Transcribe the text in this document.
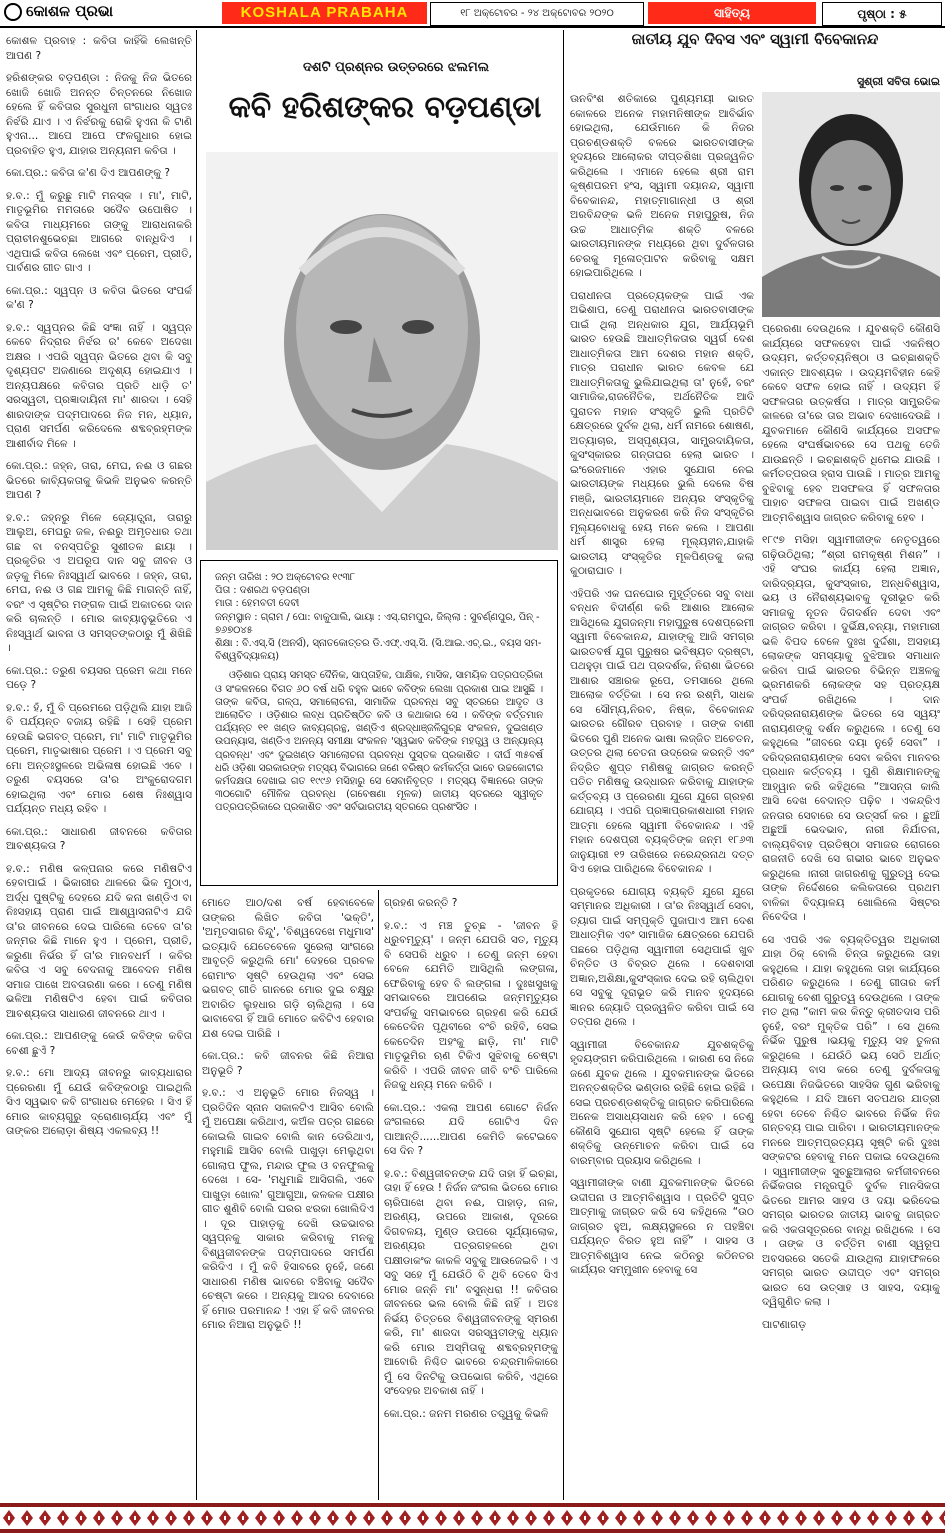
କୋଶଳ ପ୍ରଭା	KOSHALA PRABAHA	୧୮ ଅକ୍ଟୋବର - ୨୪ ଅକ୍ଟୋବର ୨୦୨୦	ସାହିତ୍ୟ	ପୃଷ୍ଠା : ୫

କୋଶଳ ପ୍ରବାହ : କବିତା କାହିଁକି ଲେଖନ୍ତି ଆପଣ ?

ହରିଶଙ୍କର ବଡ଼ପଣ୍ଡା : ନିଜକୁ ନିଜ ଭିତରେ ଖୋଜି ଖୋଜି ଅନନ୍ତ ଚିନ୍ତନରେ ନିଖୋଜ ହେଲେ ହିଁ କବିତାର ସୁରଧୁନୀ ଗଂଗାଧର ସ୍ୱତଃ ନିର୍ଝରି ଯାଏ । ଏ ନିର୍ଝରକୁ ରୋକି ହୁଏନା କି ଟାଣି ହୁଏନା... ଆପେ ଆପେ ଫଳଗୁଧାର ହୋଇ ପ୍ରବାହିତ ହୁଏ, ଯାହାର ଅନ୍ୟନାମ କବିତା ।

କୋ.ପ୍ର.: କବିତା କ'ଣ ଦିଏ ଆପଣଙ୍କୁ ?

ହ.ବ.: ମୁଁ କରୁଛୁ ମାଟି ମନସ୍କ । ମା', ମାଟି, ମାତୃଭୂମିର ମମତାରେ ସଦୈବ ଉପୋଷିତ । କବିତା ମାଧ୍ୟମରେ ତାଙ୍କୁ ଆରାଧନାକରି ପ୍ରାଚୀନଶୁଭେଚ୍ଛା ଆଗରେ ବାନ୍ଧିଦିଏ । ଏଥିପାଇଁ କବିତା ଲେଖେ ଏବଂ ପ୍ରେମ, ପ୍ରୀତି, ପାର୍ବଣର ଗୀତ ଗାଏ ।

କୋ.ପ୍ର.: ସ୍ୱପ୍ନ ଓ କବିତା ଭିତରେ ସଂପର୍କ କ'ଣ ?

ହ.ବ.: ସ୍ୱପ୍ନର କିଛି ସଂଜ୍ଞା ନାହିଁ । ସ୍ୱପ୍ନ କେବେ ନିଦ୍ରାର ନିର୍ଝର ର' କେବେ ଅଦେଖା ଅକ୍ଷର । ଏପରି ସ୍ୱପ୍ନ ଭିତରେ ଥିବା କି ସବୁ ଦୃଶ୍ୟପଟ ଅଜଣାରେ ଅଦୃଶ୍ୟ ହୋଇଯାଏ । ଅନ୍ୟପକ୍ଷରେ କବିତାର ପ୍ରତି ଧାଡ଼ି ତ' ସରସ୍ୱତୀ, ପ୍ରଜ୍ଞାଦାୟିନୀ ମା' ଶାରଦା । ସେହି ଶାରଦାଙ୍କ ପଦ୍ମପାଦରେ ନିଜ ମନ, ଧ୍ୟାନ, ପ୍ରାଣ ସମର୍ପଣ କରିଦେଲେ ଶବ୍ଦବ୍ରହ୍ମଙ୍କ ଆଶୀର୍ବାଦ ମିଳେ ।

କୋ.ପ୍ର.: ଜହ୍ନ, ତାରା, ମେଘ, ନଈ ଓ ଗଛର ଭିତରେ କାବ୍ୟିକତାକୁ କିଭଳି ଅନୁଭବ କରନ୍ତି ଆପଣ ?

ହ.ବ.: ଜହ୍ନରୁ ମିଳେ ଜ୍ୟୋତ୍ସ୍ନା, ତାରାରୁ ଆଲୁଅ, ମେଘରୁ ଜଳ, ନଈରୁ ଅମୃତଧାର ତଥା ଗଛ ବା ବନସ୍ପତିରୁ ସୁଶୀତଳ ଛାୟା । ପ୍ରକୃତିର ଏ ଅପରୂପ ଦାନ ସବୁ ଜୀବନ ଓ ଜଡ଼କୁ ମିଳେ ନିଃସ୍ୱାର୍ଥ ଭାବରେ । ଜହ୍ନ, ତାରା, ମେଘ, ନଈ ଓ ଗଛ ଆମକୁ କିଛି ମାଗନ୍ତି ନାହିଁ, ବରଂ ଏ ସୃଷ୍ଟିର ମଙ୍ଗଳ ପାଇଁ ଅକାତରେ ଦାନ କରି ଚାଲନ୍ତି । ମୋର କାବ୍ୟାନୁଭୂତିରେ ଏ ନିଃସ୍ୱାର୍ଥ ଭାବନା ଓ ସମସ୍ତଙ୍କଠାରୁ ମୁଁ ଶିଖିଛି ।

କୋ.ପ୍ର.: ତରୁଣ ବୟସର ପ୍ରେମ କଥା ମନେ ପଡ଼େ ?

ହ.ବ.: ହଁ, ମୁଁ ବି ପ୍ରେମରେ ପଡ଼ିଥିଲି ଯାହା ଆଜି ବି ପର୍ଯ୍ୟନ୍ତ ବଜାୟ ରହିଛି । ସେହି ପ୍ରେମ ହେଉଛି ଭଗବତ୍ ପ୍ରେମ, ମା' ମାଟି ମାତୃଭୂମିର ପ୍ରେମ, ମାତୃଭାଷାର ପ୍ରେମ । ଏ ପ୍ରେମ ସବୁ ମୋ ଅନ୍ତଃସ୍ଥଳରେ ଅଭିଳାଷ ହୋଇଛି ଏବେ । ତରୁଣ ବୟସରେ ତା'ର ଅଂକୁରୋଦଗମ ହୋଇଥିଲା ଏବଂ ମୋର ଶେଷ ନିଃଶ୍ୱାସ ପର୍ଯ୍ୟନ୍ତ ମଧ୍ୟ ରହିବ ।

କୋ.ପ୍ର.: ସାଧାରଣ ଜୀବନରେ କବିତାର ଆବଶ୍ୟକତା ?

ହ.ବ.: ମଣିଷ କଳ୍ପନାର କରେ ମଣିଷଟିଏ ହେବାପାଇଁ । ଭିକାରୀର ଥାଳରେ ଭିକ ମୁଠାଏ, ଅର୍ଦ୍ଧ ପୁଷ୍ଟିକୁ ଦେହରେ ଯଦି କନା ଖଣ୍ଡିଏ ବା ନିଃସହାୟ ପ୍ରାଣ ପାଇଁ ଆଶ୍ୱାସନାଟିଏ ଯଦି ତା'ର ଜୀବନରେ ଦେଇ ପାରିଲେ ତେବେ ତା'ର ଜନ୍ମର କିଛି ମାନେ ହୁଏ । ପ୍ରେମ, ପ୍ରୀତି, କରୁଣା ନିର୍ଭର ହିଁ ତା'ର ମାନବଧର୍ମ । କବିର କବିତା ଏ ସବୁ ବେଦନାକୁ ଆବେଦନ ମଣିଷ ସମାଜ ପାଖେ ଅବତାରଣା କରେ । ତେଣୁ ମଣିଷ ଭଳିଆ ମଣିଷଟିଏ ହେବା ପାଇଁ କବିତାର ଆବଶ୍ୟକତା ସାଧାରଣ ଜୀବନରେ ଥାଏ ।

କୋ.ପ୍ର.: ଆପଣଙ୍କୁ କେଉଁ କବିଙ୍କ କବିତା ବେଶୀ ଛୁଏଁ ?

ହ.ବ.: ମୋ ଆଦ୍ୟ ଜୀବନରୁ କାବ୍ୟଧାରାର ପ୍ରେରଣା ମୁଁ ଯେଉଁ କବିଙ୍କଠାରୁ ପାଇଥିଲି ସିଏ ସ୍ୱଭାବ କବି ଗଂଗାଧର ମେହେର । ସିଏ ହିଁ ମୋର କାବ୍ୟଗୁରୁ ଦ୍ରୋଣାଚାର୍ଯ୍ୟ ଏବଂ ମୁଁ ତାଙ୍କର ଅଲୋଡ଼ା ଶିଷ୍ୟ ଏକଲବ୍ୟ !!

ଦଶଟି ପ୍ରଶ୍ନର ଉତ୍ତରରେ ଝଲମଲ
କବି ହରିଶଙ୍କର ବଡ଼ପଣ୍ଡା

ଜନ୍ମ ତାରିଖ : ୨୦ ଅକ୍ଟୋବର ୧୯୩୮

ପିତା : ଦଶରଥ ବଡ଼ପଣ୍ଡା

ମାତା : ହେମବତୀ ଦେବୀ

ଜନ୍ମସ୍ଥାନ : ଗ୍ରାମ / ପୋ: ବାକୁପାଲି, ଭାୟା : ଏସ୍.ରାମପୁର, ଜିଲ୍ଲା : ସୁବର୍ଣ୍ଣପୁର, ପିନ୍ - ୭୬୭୦୪୫

ଶିକ୍ଷା : ବି.ଏସ୍.ସି (ଅନର୍ସ), ସ୍ନାତକୋତ୍ତର ଡି.ଏଫ୍.ଏସ୍.ସି. (ସି.ଆଇ.ଏଚ୍.ଇ., ବୟସ ସମ-ବିଶ୍ୱବିଦ୍ୟାଳୟ)

ଓଡ଼ିଶାର ପ୍ରାୟ ସମସ୍ତ ଦୈନିକ, ସାପ୍ତାହିକ, ପାକ୍ଷିକ, ମାସିକ, ସାମୟିକ ପତ୍ରପତ୍ରିକା ଓ ସଂକଳନରେ ବିଗତ ୬୦ ବର୍ଷ ଧରି ବହୁଳ ଭାବେ କବିଙ୍କ ଲେଖା ପ୍ରକାଶ ପାଇ ଆସୁଛି । ତାଙ୍କ କବିତା, ଗଳ୍ପ, ସମାଲୋଚନା, ସାମାଜିକ ପ୍ରବନ୍ଧ ସବୁ ସ୍ତରରେ ଆଦୃତ ଓ ଆଲୋଚିତ । ଓଡ଼ିଶାର ଲବ୍ଧ ପ୍ରତିଷ୍ଠିତ କବି ଓ କଥାକାର ସେ । କବିଙ୍କ ବର୍ତ୍ତମାନ ପର୍ଯ୍ୟନ୍ତ ୧୧ ଖଣ୍ଡ କାବ୍ୟଗ୍ରନ୍ଥ, ଖଣ୍ଡିଏ ଶ୍ରଦ୍ଧାଞ୍ଜଳିଗୁଚ୍ଛ ସଂକଳନ, ଦୁଇଖଣ୍ଡ ଉପନ୍ୟାସ, ଖଣ୍ଡିଏ ଅନନ୍ୟ ସମୀକ୍ଷା ସଂକଳନ 'ସ୍ୱଭାବ କବିଙ୍କ ମହତ୍ତ୍ୱ ଓ ଅନ୍ୟାନ୍ୟ ପ୍ରବନ୍ଧ' ଏବଂ ଦୁଇଖଣ୍ଡ ସମାଲୋଚନା ପ୍ରବନ୍ଧ ପୁସ୍ତକ ପ୍ରକାଶିତ । ଦୀର୍ଘ ୩୫ବର୍ଷ ଧରି ଓଡ଼ିଶା ସରକାରଙ୍କ ମତ୍ସ୍ୟ ବିଭାଗରେ ଜଣେ ବରିଷ୍ଠ କର୍ମକର୍ତ୍ତା ଭାବେ ଉଚ୍ଚକୋଟୀର କର୍ମଦକ୍ଷତା ଦେଖାଇ ଗତ ୧୯୯୬ ମସିହାରୁ ସେ ସେବାନିବୃତ୍ତ । ମତ୍ସ୍ୟ ବିଜ୍ଞାନରେ ତାଙ୍କ ୩୦ଗୋଟି ମୌଳିକ ପ୍ରବନ୍ଧ (ଗବେଷଣା ମୂଳକ) ଜାତୀୟ ସ୍ତରରେ ସ୍ୱୀକୃତ ପତ୍ରପତ୍ରିକାରେ ପ୍ରକାଶିତ ଏବଂ ସର୍ବଭାରତୀୟ ସ୍ତରରେ ପ୍ରଶଂସିତ ।

ମୋତେ ଆଠ/ଦଶ ବର୍ଷ ହେବାବେଳେ ତାଙ୍କର ଲିଖିତ କବିତା 'ଭକ୍ତି', 'ଅମୃତସାଗର ବିନ୍ଦୁ', 'ବିଶ୍ୱଦେଖେ ମଧୁମାସ' ଇତ୍ୟାଦି ଯେତେବେଳେ ସୁରେଲା ସାଂଗରେ ଆବୃତ୍ତି କରୁଥିଲି ମୋ' ଦେହରେ ପ୍ରବଳ ରୋମାଂଚ ସୃଷ୍ଟି ହେଉଥିଲା ଏବଂ ସେଇ ଭଗବତ୍ ଗୀତି ଗାନରେ ମୋର ଦୁଇ ଚକ୍ଷୁରୁ ଅବାରିତ ଲୁହଧାର ଗଡ଼ି ଚାଲିଥିଲା । ସେ ଭାବାବେଗ ହିଁ ଆଜି ମୋତେ କବିଟିଏ ହେବାର ଯଶ ଦେଇ ପାରିଛି ।

କୋ.ପ୍ର.: କବି ଜୀବନର କିଛି ନିଆରା ଅନୁଭୂତି ?

ହ.ବ.: ଏ ଅନୁଭୂତି ମୋର ନିଜସ୍ୱ । ପ୍ରତିଦିନ ସ୍ନାନ ସକାଳଟିଏ ଆସିବ ବୋଲି ମୁଁ ଅପେକ୍ଷା କରିଥାଏ, କଅଁଳ ପତ୍ର ଗଛରେ କୋଇଲି ଗାଇବ ବୋଲି କାନ ଡେରିଥାଏ, ମହୁମାଛି ଆସିବ ବୋଲି ପାଖୁଡ଼ା ମେଲୁଥିବା ଗୋଲାପ ଫୁଲ, ମନ୍ଦାର ଫୁଲ ଓ ବନଫୁଲକୁ ଦେଖେ । ସେ- 'ମଧୁମାଛି ଆସିଗଲି, ଏବେ ପାଖୁଡ଼ା ଖୋଲ' ଗୁଆଗୁଆ, କଳକଳ ପକ୍ଷୀର ଗୀତ ଶୁଣିବି ବୋଲି ଘରର ଝରକା ଖୋଲିଦିଏ । ଦୂର ପାହାଡ଼କୁ ଦେଖି ଉଚ୍ଚଭାବର ସ୍ୱପ୍ନକୁ ସାକାର କରିବାକୁ ମନକୁ ବିଶ୍ୱଜୀବନଙ୍କ ପଦ୍ମପାଦରେ ସମର୍ପଣ କରିଦିଏ । ମୁଁ କବି ହିସାବରେ ନୁହେଁ, ଜଣେ ସାଧାରଣ ମଣିଷ ଭାବରେ ବଞ୍ଚିବାକୁ ସଦୈବ ଚେଷ୍ଟା କରେ । ଅନ୍ୟକୁ ଆଦର ଦେବାରେ ହିଁ ମୋର ପରମାନନ୍ଦ ! ଏହା ହିଁ କବି ଜୀବନର ମୋର ନିଆରା ଅନୁଭୂତି !!

ଗ୍ରହଣ କରନ୍ତି ?

ହ.ବ.: ଏ ମଞ୍ଚ ତୁଚ୍ଛ - 'ଜୀବନ ହି ଧ୍ରୁବମୃତ୍ୟୁ' । ଜନ୍ମ ଯେପରି ସତ, ମୃତ୍ୟୁ ବି ସେପରି ଧ୍ରୁବ । ତେଣୁ ଜନ୍ମ ହେବା ବେଳେ ଯେମିତି ଆସିଥିଲି ଲଙ୍ଗଳା, ଫେରିବାକୁ ହେବ ବି ଲଙ୍ଗଳା । ଦୁଃଖସୁଖକୁ ସମଭାବରେ ଆପଣେଇ ଜନ୍ମମୃତ୍ୟୁର ସଂପର୍କକୁ ସମଭାବରେ ଗ୍ରହଣ କରି ଯେଉଁ କେତେଦିନ ପୃଥିବୀରେ ବଂଚି ରହିବି, ସେଇ କେତେଦିନ ଅହଂକୁ ଛାଡ଼ି, ମା' ମାଟି ମାତୃଭୂମିର ଋଣ ଟିକିଏ ସୁଝିବାକୁ ଚେଷ୍ଟା କରିବି । ଏପରି ଜୀବନ ଜୀବି ବଂଚି ପାରିଲେ ନିଜକୁ ଧନ୍ୟ ମନେ କରିବି ।

କୋ.ପ୍ର.: ଏକଲା ଆପଣ ଗୋଟେ ନିର୍ଜନ ଜଂଗଲରେ ଯଦି ଗୋଟିଏ ଦିନ ପାଆନ୍ତି......ଆପଣ କେମିତି କଟେଇବେ ସେ ଦିନ ?

ହ.ବ.: ବିଶ୍ୱଜୀବନଙ୍କ ଯଦି ତାହା ହିଁ ଇଚ୍ଛା, ତାହା ହିଁ ହେଉ ! ନିର୍ଜନ ଜଂଗଲ ଭିତରେ ମୋର ଚାରିପାଖେ ଥିବା ନଈ, ପାହାଡ଼, ନାଳ, ଅରଣ୍ୟ, ଉପରେ ଆକାଶ, ଦୂରରେ ଦିଗବଳୟ, ମୁଣ୍ଡ ଉପରେ ସୂର୍ଯ୍ୟାଲୋକ, ଅରଣ୍ୟର ପତ୍ରଗହଳରେ ଥିବା ପକ୍ଷୀଡାକଂକ କାକଳି ସବୁକୁ ଆଉଜେଇବି । ଏ ସବୁ ସହେ ମୁଁ ଯେଉଁଠି ବି ଥିବି ତେବେ ସିଏ ମୋର ଜନ୍ନି ମା' ବସୁନ୍ଧରା !! କବିତାର ଜୀବନରେ ଭଲ ବୋଲି କିଛି ନାହିଁ । ଅତଃ ନିର୍ଭୟ ଚିତ୍ତରେ ବିଶ୍ୱଜୀବନଙ୍କୁ ସ୍ମରଣ କରି, ମା' ଶାରଦା ସରସ୍ୱତୀଙ୍କୁ ଧ୍ୟାନ କରି ମୋର ଅସ୍ମିତାକୁ ଶବ୍ଦବ୍ରହ୍ମଙ୍କୁ ଆବୋରି ନିଶ୍ଚିତ ଭାବରେ ଚନ୍ଦ୍ରମାଳିକାରେ ମୁଁ ସେ ଦିନଟିକୁ ଉପଭୋଗ କରିବି, ଏଥିରେ ସଂଦେହର ଅବକାଶ ନାହିଁ ।

କୋ.ପ୍ର.: ଜନମ ମରଣର ତତ୍ତ୍ୱକୁ କିଭଳି

ଜାତୀୟ ଯୁବ ଦିବସ ଏବଂ ସ୍ୱାମୀ ବିବେକାନନ୍ଦ
ସୁଶ୍ରୀ ସବିତା ଭୋଇ

ଊନବିଂଶ ଶତିକାରେ ପୁଣ୍ୟମୟୀ ଭାରତ କୋଳରେ ଅନେକ ମହାମନିଷୀଙ୍କ ଆବିର୍ଭାବ ହୋଇଥିଲା, ଯେଉଁମାନେ କି ନିଜର ପ୍ରଚଣ୍ଡଶକ୍ତି ବଳରେ ଭାରତବାସୀଙ୍କ ହୃଦୟରେ ଆଲୋକର ଦୀପ୍ତଶିଖା ପ୍ରଜ୍ୱଳିତ କରିଥିଲେ । ଏମାନେ ହେଲେ ଶ୍ରୀ ରାମ କୃଷ୍ଣପରମ ହଂସ, ସ୍ୱାମୀ ଦୟାନନ୍ଦ, ସ୍ୱାମୀ ବିବେକାନନ୍ଦ, ମହାତ୍ମାଗାନ୍ଧୀ ଓ ଶ୍ରୀ ଅରବିନ୍ଦଙ୍କ ଭଳି ଅନେକ ମହାପୁରୁଷ, ନିଜ ଉଚ୍ଚ ଆଧାତ୍ମିକ ଶକ୍ତି ବଳରେ ଭାରତୀୟମାନଙ୍କ ମଧ୍ୟରେ ଥିବା ଦୁର୍ବଳତାର ଚେରକୁ ମୂଳୋତ୍ପାଟନ କରିବାକୁ ସକ୍ଷମ ହୋଇପାରିଥିଲେ ।

ପରାଧୀନତା ପ୍ରତ୍ୟେକଙ୍କ ପାଇଁ ଏକ ଅଭିଶାପ, ତେଣୁ ପରାଧୀନତା ଭାରତବାସୀଙ୍କ ପାଇଁ ଥିଲା ଅନ୍ଧକାର ଯୁଗ, ଆର୍ଯ୍ୟଭୂମି ଭାରତ ହେଉଛି ଆଧାତ୍ମିକତାର ସ୍ୱର୍ଗ ଦେଶ ଆଧାତ୍ମିକତା ଆମ ଦେଶର ମହାନ ଶକ୍ତି, ମାତ୍ର ପରାଧୀନ ଭାରତ କେବଳ ଯେ ଆଧାତ୍ମିକତାକୁ ଭୁଲିଯାଇଥିଲା ତା' ନୁହେଁ, ବରଂ ସାମାଜିକ,ରାଜନୈତିକ, ଅର୍ଥନୈତିକ ଆଦି ପୁରାତନ ମହାନ ସଂସ୍କୃତି ଭୁଲି ପ୍ରତିଟି କ୍ଷେତ୍ରରେ ଦୁର୍ବଳ ଥିଲା, ଧର୍ମ ନାମରେ ଶୋଷଣ, ଅତ୍ୟାଚାର, ଅସ୍ପୃଶ୍ୟତା, ସାମ୍ପ୍ରଦାୟିକତା, କୁସଂସ୍କାରର ଗନ୍ତାଘର ହେଲା ଭାରତ । ଇଂରେଜମାନେ ଏହାର ସୁଯୋଗ ନେଇ ଭାରତୀୟଙ୍କ ମଧ୍ୟରେ ଭୁଲି ଦେଲେ ବିଷ ମଞ୍ଜି, ଭାରତୀୟମାନେ ଅନ୍ୟର ସଂସ୍କୃତିକୁ ଅନ୍ଧଭାବରେ ଅନୁକରଣ କରି ନିଜ ସଂସ୍କୃତିର ମୂଲ୍ୟବୋଧକୁ ହେୟ ମନେ କଲେ । ଆପଣା ଧର୍ମ ଶାସ୍ତ୍ର ହେଲା ମୂଲ୍ୟହୀନ,ଯାହାକି ଭାରତୀୟ ସଂସ୍କୃତିର ମୂଳପିଣ୍ଡକୁ କଲା କୁଠାରାଘାତ ।

ଏହିପରି ଏକ ଘନଘୋର ମୁହୂର୍ତ୍ତରେ ସବୁ ବାଧା ବନ୍ଧନ ବିଦୀର୍ଣ୍ଣ କରି ଆଶାର ଆଲୋକ ଆସିଥିଲେ ଯୁଗଜନ୍ମା ମହାପୁରୁଷ ଦେଶପ୍ରେମୀ ସ୍ୱାମୀ ବିବେକାନନ୍ଦ, ଯାହାଙ୍କୁ ଆଜି ସମଗ୍ର ଭାରତବର୍ଷ ଯୁଗ ପୁରୁଷର ଭବିଷ୍ୟତ ଦ୍ରଷ୍ଟା, ପଥହୁଡ଼ା ପାଇଁ ପଥ ପ୍ରଦର୍ଶକ, ନିରାଶା ଭିତରେ ଆଶାର ସଞ୍ଚାରକ ରୂପେ, ତମସାରେ ଥିଲେ ଆଲୋକ ବର୍ତ୍ତିକା । ସେ ନର ରଶ୍ମି, ସାଧକ ସେ ସୌମ୍ୟ,ନିରବ, ନିଷ୍କ, ବିବେକାନନ୍ଦ ଭାରତର ଗୌରବ ପ୍ରବାହ । ତାଙ୍କ ବାଣୀ ଭିତରେ ପୁଣି ଅନେକ ଭାଷା ଲଜ୍ଜିତ ଅଚେତନ, ଉତ୍ତର ଥିଲା ଚେତନା ଉଦ୍ରେକ କରନ୍ତି ଏବଂ ନିଦ୍ରିତ ଶୁପ୍ତ ମଣିଷକୁ ଜାଗ୍ରତ କରନ୍ତି ପତିତ ମଣିଷକୁ ଉଦ୍ଧାରନ କରିବାକୁ ଯାହାଙ୍କ କର୍ତ୍ତବ୍ୟ ଓ ପ୍ରେରଣା ଯୁଗେ ଯୁଗେ ଗ୍ରହଣ ଯୋଗ୍ୟ । ଏପରି ପ୍ରଜ୍ଞାପ୍ରକାଶଧାରୀ ମହାନ ଆତ୍ମା ହେଲେ ସ୍ୱାମୀ ବିବେକାନନ୍ଦ । ଏହି ମହାନ ଦେଶପ୍ରୀ ବ୍ୟକ୍ତିଙ୍କ ଜନ୍ମ ୧୮୬୩ ଜାନୁୟାରୀ ୧୨ ତାରିଖରେ ନରେନ୍ଦ୍ରନାଥ ଦତ୍ତ ସିଏ ହୋଇ ପାରିଥିଲେ ବିବେକାନନ୍ଦ ।

ପ୍ରକୃତରେ ଯୋଗ୍ୟ ବ୍ୟକ୍ତି ଯୁଗେ ଯୁଗେ ସମ୍ମାନର ଅଧିକାରୀ । ତା'ର ନିଃସ୍ୱାର୍ଥ ସେବା, ତ୍ୟାଗ ପାଇଁ ସମ୍ପୃକ୍ତି ପୁଜାପାଏ ଆମ ଦେଶ ଆଧାତ୍ମିକ ଏବଂ ସାମାଜିକ କ୍ଷେତ୍ରରେ ଯେପରି ପଛରେ ପଡ଼ିଥିଲା ସ୍ୱାମୀଜୀ ସେଥିପାଇଁ ଖୁବ ଚିନ୍ତିତ ଓ ବିବ୍ରତ ଥିଲେ । ଦେଶବାସୀ ଅଜ୍ଞାନ,ଅଶିକ୍ଷା,କୁସଂସ୍କାର ଦେଇ ରହି ଚାଲିଥିବା ସେ ସବୁକୁ ଦୂରାଭୂତ କରି ମାନବ ହୃଦୟରେ ଜ୍ଞାନର ଜ୍ୟୋତି ପ୍ରଜ୍ୱଳିତ କରିବା ପାଇଁ ସେ ତତ୍ପର ଥିଲେ ।

ସ୍ୱାମୀଜୀ ବିବେକାନନ୍ଦ ଯୁବଶକ୍ତିକୁ ହୃଦୟଙ୍ଗମ କରିପାରିଥିଲେ । କାରଣ ସେ ନିଜେ ଜଣେ ଯୁବକ ଥିଲେ । ଯୁବକମାନଙ୍କ ଭିତରେ ଅନନ୍ତଶକ୍ତିର ଭଣ୍ଡାର ରହିଛି ହୋଇ ରହିଛି । ସେଇ ପ୍ରଚଣ୍ଡଶକ୍ତିକୁ ଜାଗ୍ରତ କରିପାରିଲେ ଅନେକ ଅସାଧ୍ୟସାଧନ କରି ହେବ । ତେଣୁ କୌଣସି ସୁଯୋଗ ସୃଷ୍ଟି ହେଲେ ହିଁ ତାଙ୍କ ଶକ୍ତିକୁ ଉନ୍ମୋଚନ କରିବା ପାଇଁ ସେ ବାରମ୍ବାର ପ୍ରୟାସ କରିଥିଲେ ।

ସ୍ୱାମୀଜୀଙ୍କ ବାଣୀ ଯୁବକମାନଙ୍କ ଭିତରେ ଉଦ୍ଦୀପନା ଓ ଆତ୍ମବିଶ୍ୱାସ । ପ୍ରତିଟି ସୁପ୍ତ ଆତ୍ମାକୁ ଜାଗ୍ରତ କରି ସେ କହିଥିଲେ “ଉଠ ଜାଗ୍ରତ ହୁଅ, ଲକ୍ଷ୍ୟସ୍ଥଳରେ ନ ପହଞ୍ଚିବା ପର୍ଯ୍ୟନ୍ତ ବିରତ ହୁଅ ନାହିଁ” । ସାହସ ଓ ଆତ୍ମବିଶ୍ୱାସ ନେଇ କଠିନରୁ କଠିନତର କାର୍ଯ୍ୟର ସମ୍ମୁଖୀନ ହେବାକୁ ସେ

ପ୍ରେରଣା ଦେଉଥିଲେ । ଯୁବଶକ୍ତି କୌଣସି କାର୍ଯ୍ୟରେ ସଫଳହେବା ପାଇଁ ଏକନିଷ୍ଠ ଉଦ୍ୟମ, କର୍ତ୍ତବ୍ୟନିଷ୍ଠା ଓ ଇଚ୍ଛାଶକ୍ତି ଏକାନ୍ତ ଆବଶ୍ୟକ । ଉଦ୍ୟମବିହୀନ କେହି କେବେ ସଫଳ ହୋଇ ନାହିଁ । ଉଦ୍ୟମ ହିଁ ସଫଳତାର ଉତ୍କର୍ଷତା । ମାତ୍ର ସାମ୍ପ୍ରତିକ କାଳରେ ତା'ରେ ତାର ଅଭାବ ଦେଖାଦେଉଛି ।ଯୁବକମାନେ କୌଣସି କାର୍ଯ୍ୟରେ ଅସଫଳ ହେଲେ ସଂଘର୍ଷଭାବରେ ସେ ପଥକୁ ତେଜି ଯାଉଛନ୍ତି । ଇଚ୍ଛାଶକ୍ତି ଧିମେଇ ଯାଉଛି । କର୍ମତତ୍ପରତା ହ୍ରାସ ପାଉଛି । ମାତ୍ର ଆମକୁ ବୁଝିବାକୁ ହେବ ଅସଫଳତା ହିଁ ସଫଳତାର ପାହାଚ ସଫଳତା ପାଇବା ପାଇଁ ଅଖଣ୍ଡ ଆତ୍ମବିଶ୍ୱାସ ଜାଗ୍ରତ କରିବାକୁ ହେବ ।

୧୮୯୭ ମସିହା ସ୍ୱାମୀଜୀଙ୍କ ନେତୃତ୍ୱରେ ଗଢ଼ିଉଠିଥିଲା; “ଶ୍ରୀ ରାମକୃଷ୍ଣ ମିଶନ” । ଏହି ସଂଘର କାର୍ଯ୍ୟ ହେଲା ଅଜ୍ଞାନ, ଦାରିଦ୍ର୍ୟତା, କୁସଂସ୍କାର, ଅନ୍ଧବିଶ୍ୱାସ, ଭୟ ଓ ନୈରାଶ୍ୟଭାବକୁ ଦୂରୀଭୂତ କରି ସମାଜକୁ ନୂତନ ଦିଗଦର୍ଶନ ଦେବା ଏବଂ ଜାଗ୍ରତ କରିବା । ଦୁର୍ଭିକ୍ଷ,ବନ୍ୟା, ମହାମାରୀ ଭଳି ବିପଦ ବେଳେ ଦୁଃଖ ଦୁର୍ଦ୍ଦଶା, ଅସହାୟ ଲୋକଙ୍କ ସମସ୍ୟାକୁ ବୁଝିଆର ସମାଧାନ କରିବା ପାଇଁ ଭାରତର ବିଭିନ୍ନ ଅଞ୍ଚଳକୁ ଭ୍ରମଣକରି ଲୋକଙ୍କ ସହ ପ୍ରତ୍ୟକ୍ଷ ସଂପର୍କ ରଖିଥିଲେ । ଦାନ ଦରିଦ୍ରନାରାୟଣଙ୍କ ଭିତରେ ସେ ସ୍ୱୟଂ ନାରାୟଣଙ୍କୁ ଦର୍ଶନ କରୁଥିଲେ । ତେଣୁ ସେ କହୁଥିଲେ “ଜୀବରେ ଦୟା ନୁହେଁ ସେବା” । ଦରିଦ୍ରନାରାୟଣଙ୍କ ସେବା କରିବା ମାନବର ପ୍ରଧାନ କର୍ତ୍ତବ୍ୟ । ପୁଣି ଶିକ୍ଷାମାନଙ୍କୁ ଆହ୍ୱାନ କରି କହିଥିଲେ “ଆସନ୍ତା କାଲି ଆସି ଦେଖ ବେଦାନ୍ତ ପଢ଼ିବ । ଏକନ୍ଦ୍ରିଏ ଜନତାର ସେବାରେ ସେ ଉତ୍ସର୍ଗ କର । ଛୁଆଁ ଅଛୁଆଁ ଭେଦଭାବ, ନାରୀ ନିର୍ଯାତନା, ବାଲ୍ୟବିବାହ ପ୍ରତିଷ୍ଠା ସମାଜର ରୋଗରେ ରାଜନୀତି ଦେଖି ସେ ଗଭୀର ଭାବେ ଅନୁଭବ କରୁଥିଲେ ।ନାରୀ ଜାଗରଣକୁ ଗୁରୁତ୍ୱ ଦେଇ ତାଙ୍କ ନିର୍ଦ୍ଦେଶରେ କଲିକତାରେ ପ୍ରଥମ ବାଳିକା ବିଦ୍ୟାଳୟ ଖୋଲିଲେ ସିଷ୍ଟର ନିବେଦିତା ।

ସେ ଏପରି ଏକ ବ୍ୟକ୍ତିତ୍ୱର ଅଧିକାରୀ ଯାହା ଠିକ୍ ବୋଲି ଚିନ୍ତା କରୁଥିଲେ ତାହା କହୁଥିଲେ । ଯାହା କହୁଥିଲେ ତାହା କାର୍ଯ୍ୟରେ ପରିଣତ କରୁଥିଲେ । ତେଣୁ ଗୀତାର କର୍ମ ଯୋଗକୁ ବେଶୀ ଗୁରୁତ୍ୱ ଦେଉଥିଲେ । ତାଙ୍କ ମତ ଥିଲା “କାମ କର କିନ୍ତୁ କ୍ରୀତଦାସ ପରି ନୁହେଁ, ବରଂ ମୁକ୍ତିକ ପରି” । ସେ ଥିଲେ ନିର୍ଭିକ ପୁରୁଷ ।ଭୟକୁ ମୃତ୍ୟୁ ସହ ତୁଳନା କରୁଥିଲେ । ଯେଉଁଠି ଭୟ ସେଠି ଅର୍ଥାତ୍ ଅନ୍ୟାୟ ବାସ କରେ ତେଣୁ ଦୁର୍ବଳତାକୁ ଉପେକ୍ଷା ନିଜଭିତରେ ସାହସିକ ଗୁଣ ଭରିବାକୁ କହୁଥିଲେ । ଯଦି ଆମେ ସତପଥର ଯାତ୍ରୀ ହେବା ତେବେ ନିଶ୍ଚିତ ଭାବରେ ନିର୍ଭିକ ନିଜ ଗନ୍ତବ୍ୟ ପାଇ ପାରିବା । ଭାରତୀୟମାନଙ୍କ ମନରେ ଆତ୍ମପ୍ରତ୍ୟୟ ସୃଷ୍ଟି କରି ଦୁଃଖ ସଙ୍କଟର ହେବାକୁ ମନେ ପକାଇ ଦେଉଥିଲେ । ସ୍ୱାମୀଜୀଙ୍କ ସୁଚ୍ଛୁଆଲାର କର୍ମଜୀବନରେ ନିର୍ଭିକତାର ମନ୍ତ୍ରପୁତି ଦୁର୍ବଳ ମାନସିକତା ଭିତରେ ଆମର ସାହସ ଓ ଦୟା ଭରିଦେଇ ସମଗ୍ର ଭାରତର ଜାତୀୟ ଭାବକୁ ଜାଗ୍ରତ କରି ଏକତାସୂତ୍ରରେ ବାନ୍ଧି ରଖିଥିଲେ । ସେ । ତାଙ୍କ ଓ ବର୍ତ୍ତିମ ବାଣୀ ସ୍ୱରୂପ ଅବସରରେ ସତେକି ଯାଉଥିଲା ଯାହାଫଳରେ ସମଗ୍ର ଭାରତ ଉଦ୍ଦୀପ୍ତ ଏବଂ ସମଗ୍ର ଭାରତ ସେ ଉତ୍ସାହ ଓ ସାହସ, ଦୟାକୁ ଦ୍ୱିଗୁଣିତ କଲା ।

ପାଟଣାଗଡ଼
